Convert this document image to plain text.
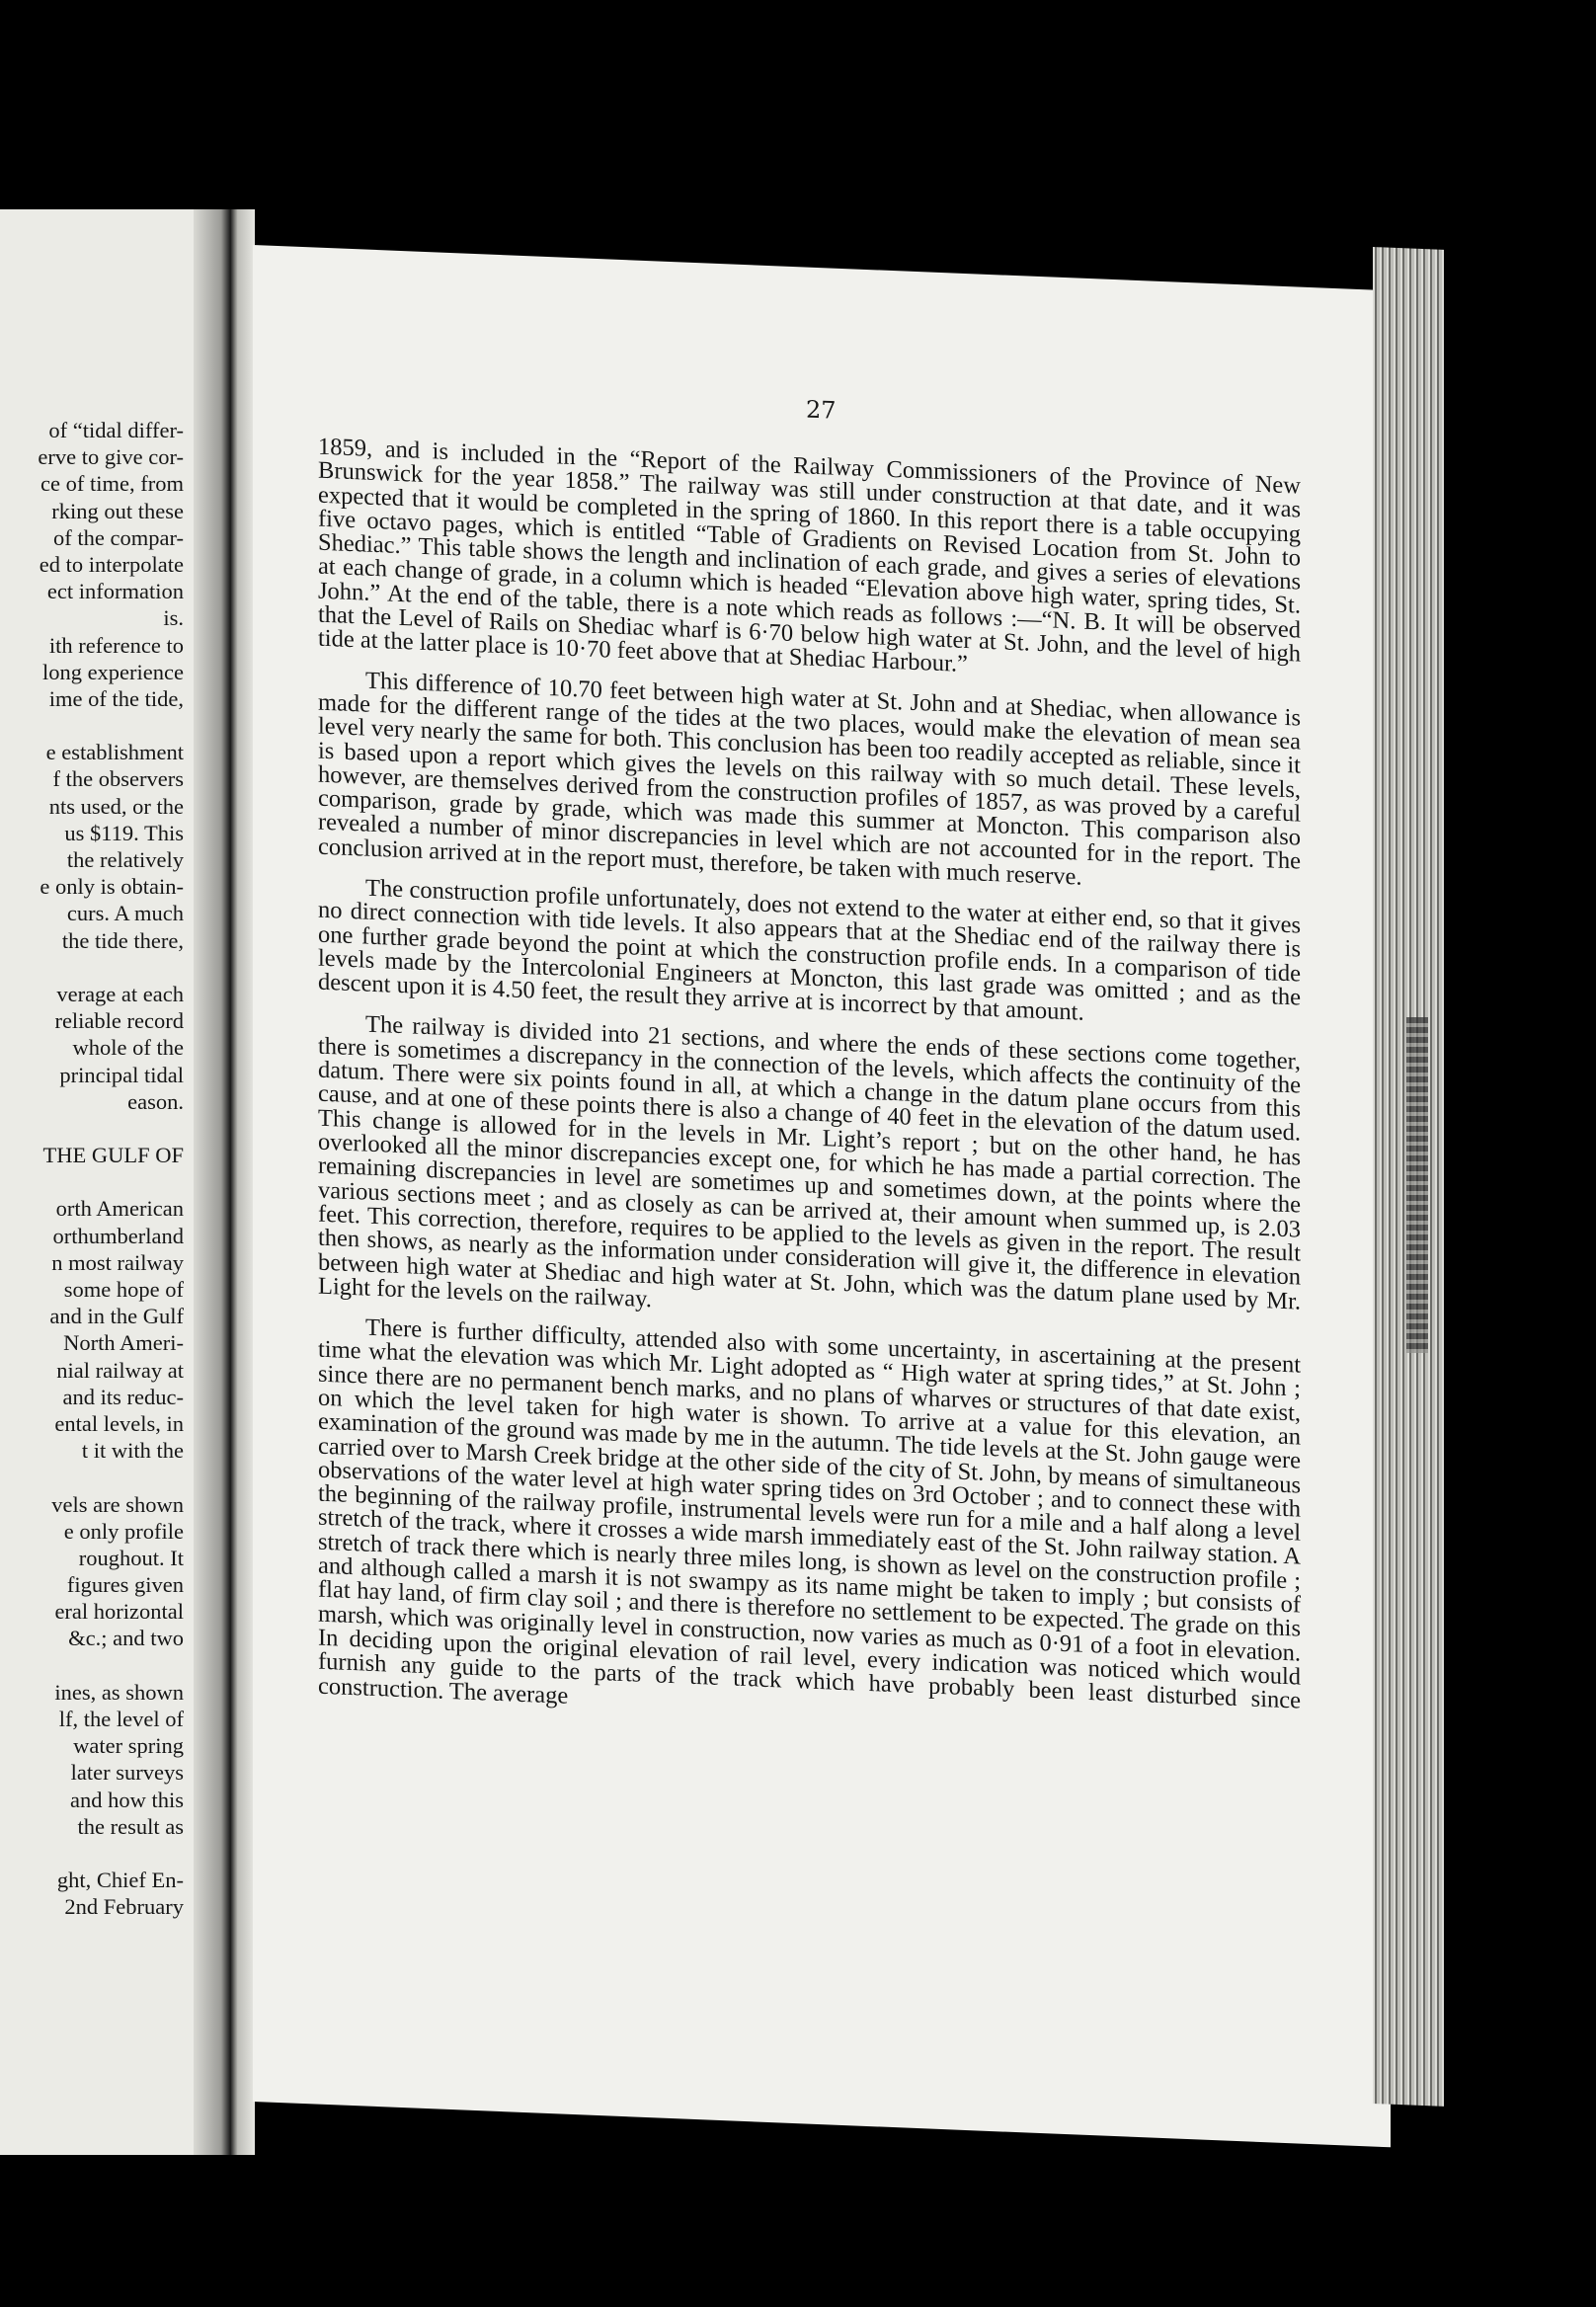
of “tidal differ-
erve to give cor-
ce of time, from
rking out these
of the compar-
ed to interpolate
ect information
is.
ith reference to
long experience
ime of the tide,
e establishment
f the observers
nts used, or the
us $119. This
the relatively
e only is obtain-
curs. A much
the tide there,
verage at each
reliable record
whole of the
principal tidal
eason.
THE GULF OF
orth American
orthumberland
n most railway
some hope of
and in the Gulf
North Ameri-
nial railway at
and its reduc-
ental levels, in
t it with the
vels are shown
e only profile
roughout. It
figures given
eral horizontal
&c.; and two
ines, as shown
lf, the level of
water spring
later surveys
and how this
the result as
ght, Chief En-
2nd February
27

1859, and is included in the “Report of the Railway Commissioners of the Province of New Brunswick for the year 1858.” The railway was still under construction at that date, and it was expected that it would be completed in the spring of 1860. In this report there is a table occupying five octavo pages, which is entitled “Table of Gradients on Revised Location from St. John to Shediac.” This table shows the length and inclination of each grade, and gives a series of elevations at each change of grade, in a column which is headed “Elevation above high water, spring tides, St. John.” At the end of the table, there is a note which reads as follows :—“N. B. It will be observed that the Level of Rails on Shediac wharf is 6·70 below high water at St. John, and the level of high tide at the latter place is 10·70 feet above that at Shediac Harbour.”

This difference of 10.70 feet between high water at St. John and at Shediac, when allowance is made for the different range of the tides at the two places, would make the elevation of mean sea level very nearly the same for both. This conclusion has been too readily accepted as reliable, since it is based upon a report which gives the levels on this railway with so much detail. These levels, however, are themselves derived from the construction profiles of 1857, as was proved by a careful comparison, grade by grade, which was made this summer at Moncton. This comparison also revealed a number of minor discrepancies in level which are not accounted for in the report. The conclusion arrived at in the report must, therefore, be taken with much reserve.

The construction profile unfortunately, does not extend to the water at either end, so that it gives no direct connection with tide levels. It also appears that at the Shediac end of the railway there is one further grade beyond the point at which the construction profile ends. In a comparison of tide levels made by the Intercolonial Engineers at Moncton, this last grade was omitted ; and as the descent upon it is 4.50 feet, the result they arrive at is incorrect by that amount.

The railway is divided into 21 sections, and where the ends of these sections come together, there is sometimes a discrepancy in the connection of the levels, which affects the continuity of the datum. There were six points found in all, at which a change in the datum plane occurs from this cause, and at one of these points there is also a change of 40 feet in the elevation of the datum used. This change is allowed for in the levels in Mr. Light’s report ; but on the other hand, he has overlooked all the minor discrepancies except one, for which he has made a partial correction. The remaining discrepancies in level are sometimes up and sometimes down, at the points where the various sections meet ; and as closely as can be arrived at, their amount when summed up, is 2.03 feet. This correction, therefore, requires to be applied to the levels as given in the report. The result then shows, as nearly as the information under consideration will give it, the difference in elevation between high water at Shediac and high water at St. John, which was the datum plane used by Mr. Light for the levels on the railway.

There is further difficulty, attended also with some uncertainty, in ascertaining at the present time what the elevation was which Mr. Light adopted as “ High water at spring tides,” at St. John ; since there are no permanent bench marks, and no plans of wharves or structures of that date exist, on which the level taken for high water is shown. To arrive at a value for this elevation, an examination of the ground was made by me in the autumn. The tide levels at the St. John gauge were carried over to Marsh Creek bridge at the other side of the city of St. John, by means of simultaneous observations of the water level at high water spring tides on 3rd October ; and to connect these with the beginning of the railway profile, instrumental levels were run for a mile and a half along a level stretch of the track, where it crosses a wide marsh immediately east of the St. John railway station. A stretch of track there which is nearly three miles long, is shown as level on the construction profile ; and although called a marsh it is not swampy as its name might be taken to imply ; but consists of flat hay land, of firm clay soil ; and there is therefore no settlement to be expected. The grade on this marsh, which was originally level in construction, now varies as much as 0·91 of a foot in elevation. In deciding upon the original elevation of rail level, every indication was noticed which would furnish any guide to the parts of the track which have probably been least disturbed since construction. The average
